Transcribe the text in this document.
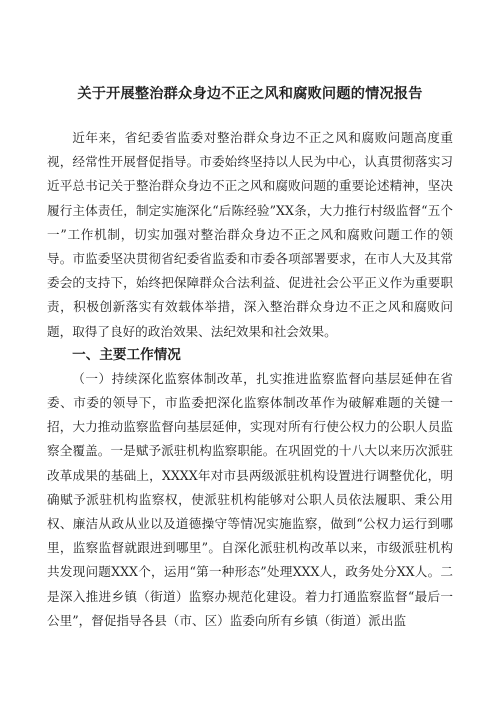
关于开展整治群众身边不正之风和腐败问题的情况报告

近年来，省纪委省监委对整治群众身边不正之风和腐败问题高度重视，经常性开展督促指导。市委始终坚持以人民为中心，认真贯彻落实习近平总书记关于整治群众身边不正之风和腐败问题的重要论述精神，坚决履行主体责任，制定实施深化“后陈经验”XX条，大力推行村级监督“五个一”工作机制，切实加强对整治群众身边不正之风和腐败问题工作的领导。市监委坚决贯彻省纪委省监委和市委各项部署要求，在市人大及其常委会的支持下，始终把保障群众合法利益、促进社会公平正义作为重要职责，积极创新落实有效载体举措，深入整治群众身边不正之风和腐败问题，取得了良好的政治效果、法纪效果和社会效果。

一、主要工作情况

（一）持续深化监察体制改革，扎实推进监察监督向基层延伸在省委、市委的领导下，市监委把深化监察体制改革作为破解难题的关键一招，大力推动监察监督向基层延伸，实现对所有行使公权力的公职人员监察全覆盖。一是赋予派驻机构监察职能。在巩固党的十八大以来历次派驻改革成果的基础上，XXXX年对市县两级派驻机构设置进行调整优化，明确赋予派驻机构监察权，使派驻机构能够对公职人员依法履职、秉公用权、廉洁从政从业以及道德操守等情况实施监察，做到“公权力运行到哪里，监察监督就跟进到哪里”。自深化派驻机构改革以来，市级派驻机构共发现问题XXX个，运用“第一种形态”处理XXX人，政务处分XX人。二是深入推进乡镇（街道）监察办规范化建设。着力打通监察监督“最后一公里”，督促指导各县（市、区）监委向所有乡镇（街道）派出监
